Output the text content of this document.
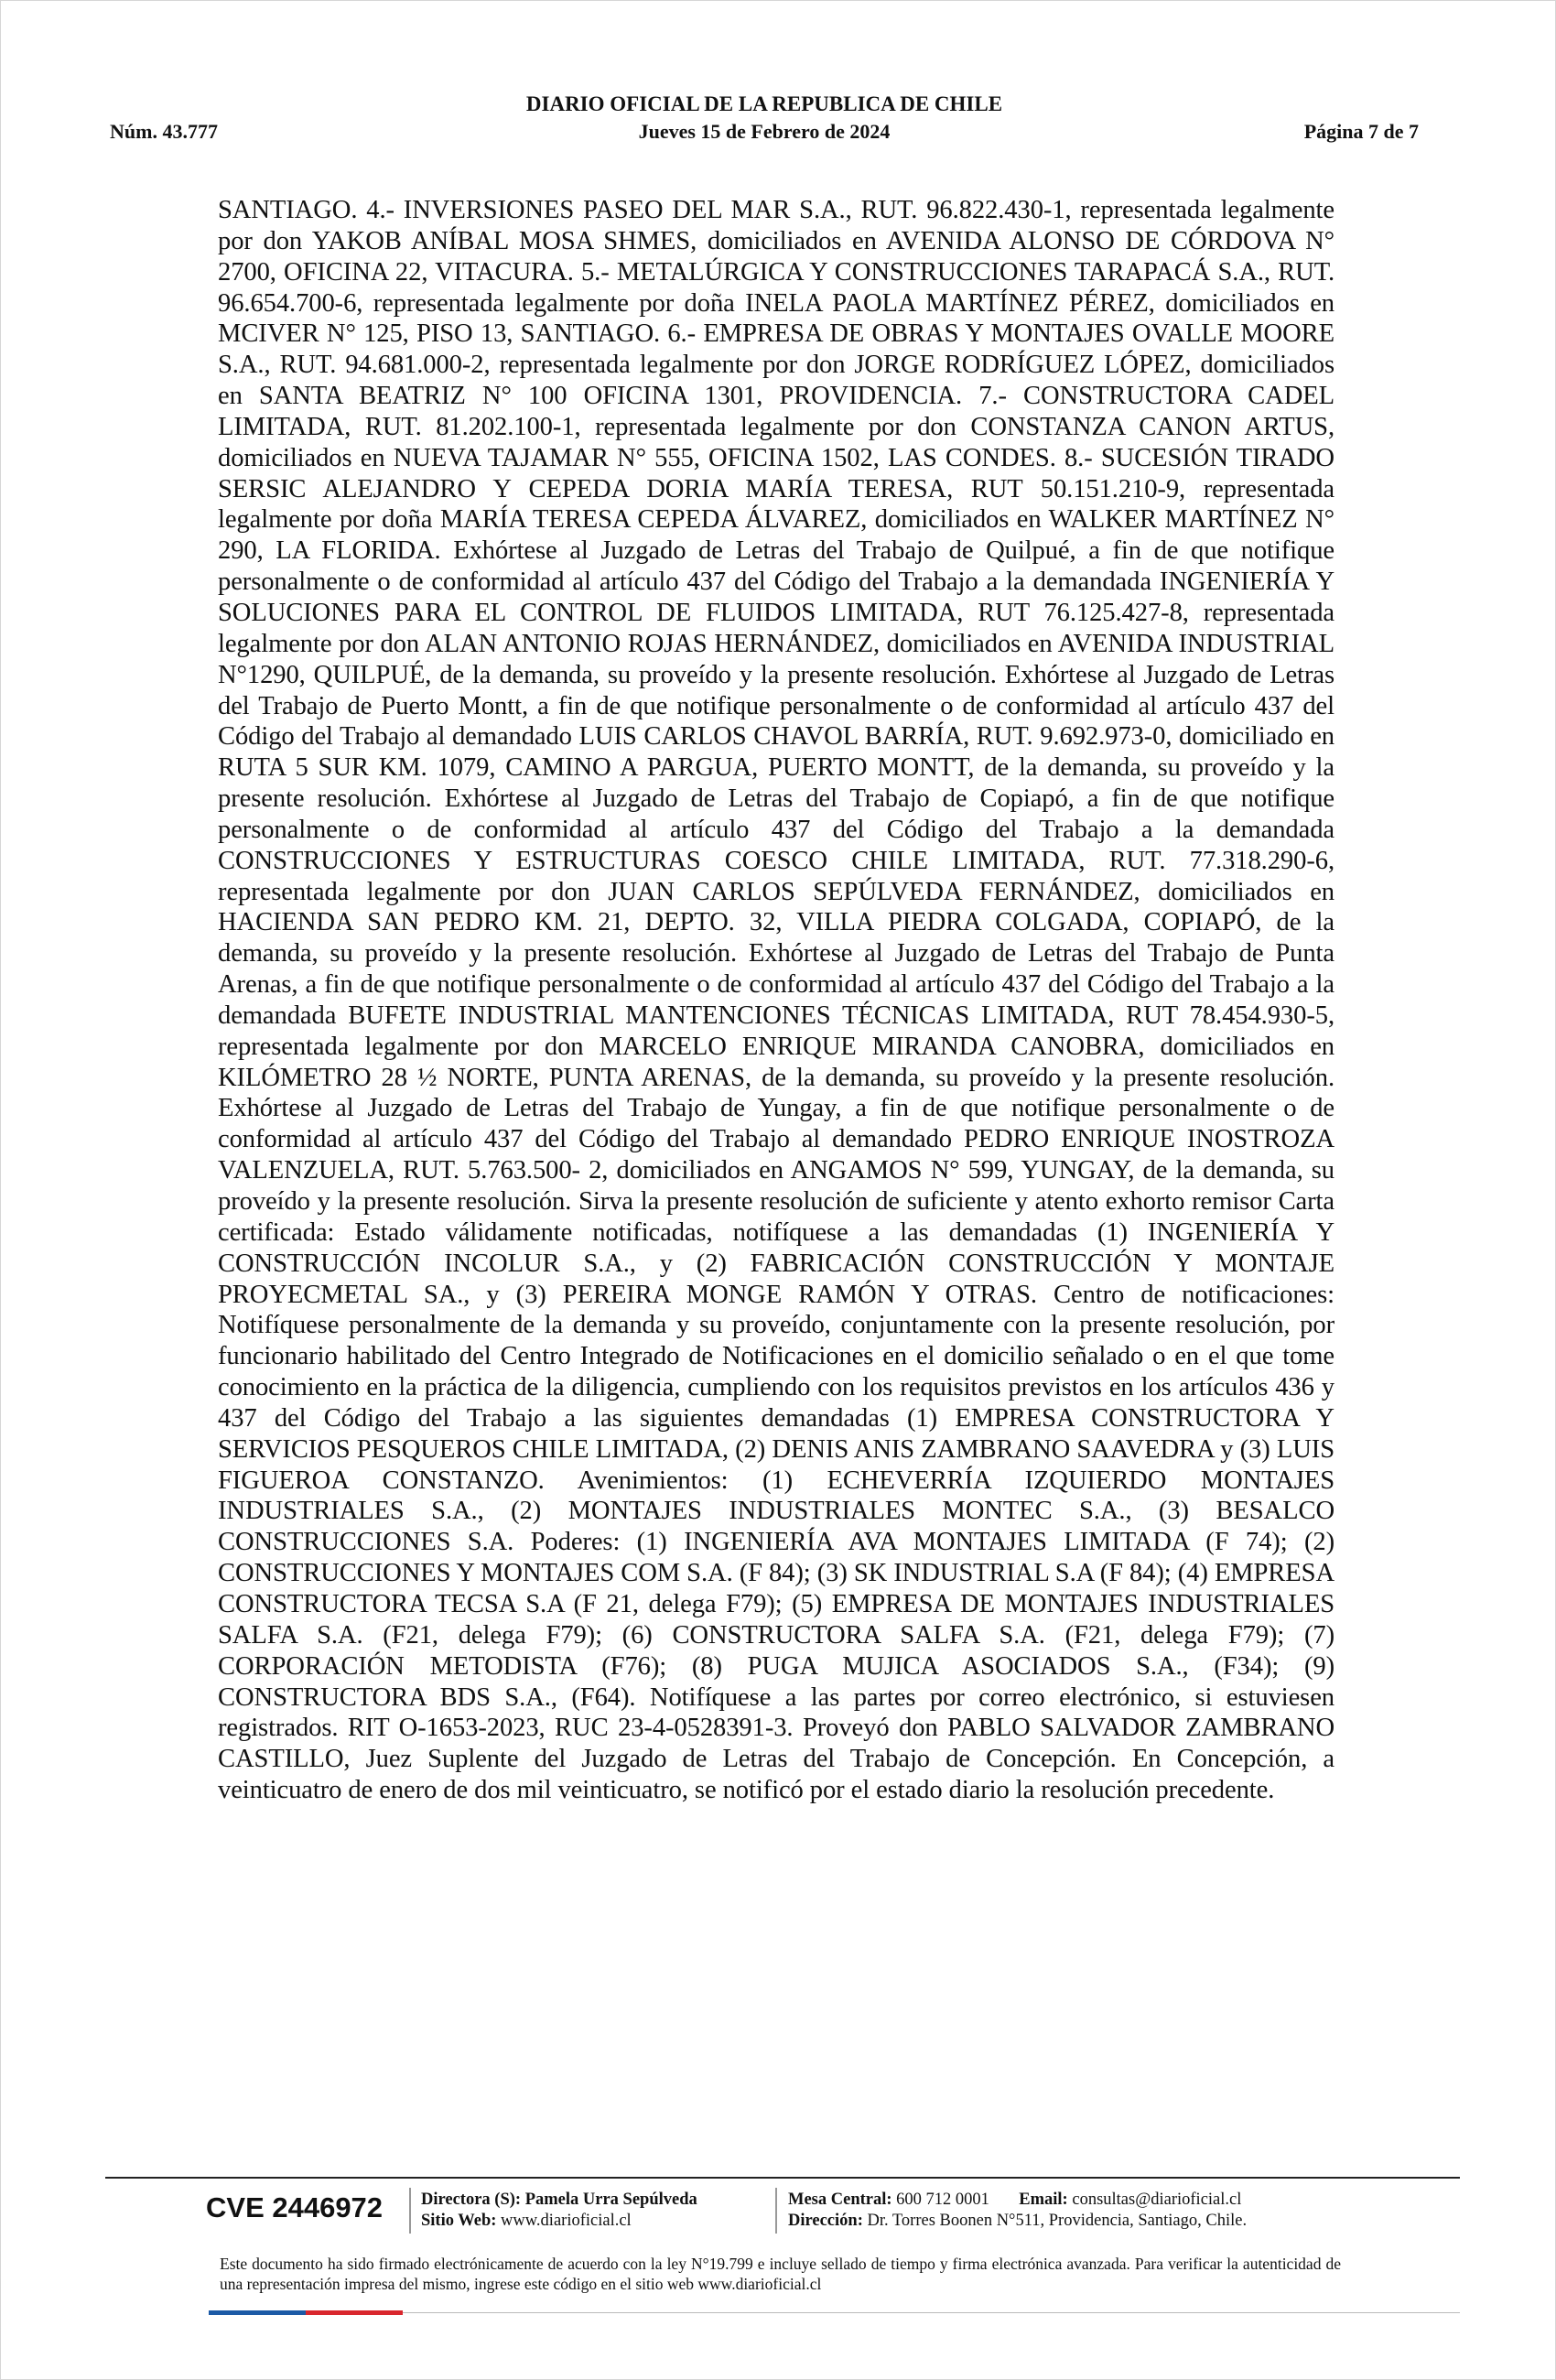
DIARIO OFICIAL DE LA REPUBLICA DE CHILE
Núm. 43.777	Jueves 15 de Febrero de 2024	Página 7 de 7

SANTIAGO. 4.- INVERSIONES PASEO DEL MAR S.A., RUT. 96.822.430-1, representada legalmente por don YAKOB ANÍBAL MOSA SHMES, domiciliados en AVENIDA ALONSO DE CÓRDOVA N° 2700, OFICINA 22, VITACURA. 5.- METALÚRGICA Y CONSTRUCCIONES TARAPACÁ S.A., RUT. 96.654.700-6, representada legalmente por doña INELA PAOLA MARTÍNEZ PÉREZ, domiciliados en MCIVER N° 125, PISO 13, SANTIAGO. 6.- EMPRESA DE OBRAS Y MONTAJES OVALLE MOORE S.A., RUT. 94.681.000-2, representada legalmente por don JORGE RODRÍGUEZ LÓPEZ, domiciliados en SANTA BEATRIZ N° 100 OFICINA 1301, PROVIDENCIA. 7.- CONSTRUCTORA CADEL LIMITADA, RUT. 81.202.100-1, representada legalmente por don CONSTANZA CANON ARTUS, domiciliados en NUEVA TAJAMAR N° 555, OFICINA 1502, LAS CONDES. 8.- SUCESIÓN TIRADO SERSIC ALEJANDRO Y CEPEDA DORIA MARÍA TERESA, RUT 50.151.210-9, representada legalmente por doña MARÍA TERESA CEPEDA ÁLVAREZ, domiciliados en WALKER MARTÍNEZ N° 290, LA FLORIDA. Exhórtese al Juzgado de Letras del Trabajo de Quilpué, a fin de que notifique personalmente o de conformidad al artículo 437 del Código del Trabajo a la demandada INGENIERÍA Y SOLUCIONES PARA EL CONTROL DE FLUIDOS LIMITADA, RUT 76.125.427-8, representada legalmente por don ALAN ANTONIO ROJAS HERNÁNDEZ, domiciliados en AVENIDA INDUSTRIAL N°1290, QUILPUÉ, de la demanda, su proveído y la presente resolución. Exhórtese al Juzgado de Letras del Trabajo de Puerto Montt, a fin de que notifique personalmente o de conformidad al artículo 437 del Código del Trabajo al demandado LUIS CARLOS CHAVOL BARRÍA, RUT. 9.692.973-0, domiciliado en RUTA 5 SUR KM. 1079, CAMINO A PARGUA, PUERTO MONTT, de la demanda, su proveído y la presente resolución. Exhórtese al Juzgado de Letras del Trabajo de Copiapó, a fin de que notifique personalmente o de conformidad al artículo 437 del Código del Trabajo a la demandada CONSTRUCCIONES Y ESTRUCTURAS COESCO CHILE LIMITADA, RUT. 77.318.290-6, representada legalmente por don JUAN CARLOS SEPÚLVEDA FERNÁNDEZ, domiciliados en HACIENDA SAN PEDRO KM. 21, DEPTO. 32, VILLA PIEDRA COLGADA, COPIAPÓ, de la demanda, su proveído y la presente resolución. Exhórtese al Juzgado de Letras del Trabajo de Punta Arenas, a fin de que notifique personalmente o de conformidad al artículo 437 del Código del Trabajo a la demandada BUFETE INDUSTRIAL MANTENCIONES TÉCNICAS LIMITADA, RUT 78.454.930-5, representada legalmente por don MARCELO ENRIQUE MIRANDA CANOBRA, domiciliados en KILÓMETRO 28 ½ NORTE, PUNTA ARENAS, de la demanda, su proveído y la presente resolución. Exhórtese al Juzgado de Letras del Trabajo de Yungay, a fin de que notifique personalmente o de conformidad al artículo 437 del Código del Trabajo al demandado PEDRO ENRIQUE INOSTROZA VALENZUELA, RUT. 5.763.500- 2, domiciliados en ANGAMOS N° 599, YUNGAY, de la demanda, su proveído y la presente resolución. Sirva la presente resolución de suficiente y atento exhorto remisor Carta certificada: Estado válidamente notificadas, notifíquese a las demandadas (1) INGENIERÍA Y CONSTRUCCIÓN INCOLUR S.A., y (2) FABRICACIÓN CONSTRUCCIÓN Y MONTAJE PROYECMETAL SA., y (3) PEREIRA MONGE RAMÓN Y OTRAS. Centro de notificaciones: Notifíquese personalmente de la demanda y su proveído, conjuntamente con la presente resolución, por funcionario habilitado del Centro Integrado de Notificaciones en el domicilio señalado o en el que tome conocimiento en la práctica de la diligencia, cumpliendo con los requisitos previstos en los artículos 436 y 437 del Código del Trabajo a las siguientes demandadas (1) EMPRESA CONSTRUCTORA Y SERVICIOS PESQUEROS CHILE LIMITADA, (2) DENIS ANIS ZAMBRANO SAAVEDRA y (3) LUIS FIGUEROA CONSTANZO. Avenimientos: (1) ECHEVERRÍA IZQUIERDO MONTAJES INDUSTRIALES S.A., (2) MONTAJES INDUSTRIALES MONTEC S.A., (3) BESALCO CONSTRUCCIONES S.A. Poderes: (1) INGENIERÍA AVA MONTAJES LIMITADA (F 74); (2) CONSTRUCCIONES Y MONTAJES COM S.A. (F 84); (3) SK INDUSTRIAL S.A (F 84); (4) EMPRESA CONSTRUCTORA TECSA S.A (F 21, delega F79); (5) EMPRESA DE MONTAJES INDUSTRIALES SALFA S.A. (F21, delega F79); (6) CONSTRUCTORA SALFA S.A. (F21, delega F79); (7) CORPORACIÓN METODISTA (F76); (8) PUGA MUJICA ASOCIADOS S.A., (F34); (9) CONSTRUCTORA BDS S.A., (F64). Notifíquese a las partes por correo electrónico, si estuviesen registrados. RIT O-1653-2023, RUC 23-4-0528391-3. Proveyó don PABLO SALVADOR ZAMBRANO CASTILLO, Juez Suplente del Juzgado de Letras del Trabajo de Concepción. En Concepción, a veinticuatro de enero de dos mil veinticuatro, se notificó por el estado diario la resolución precedente.

CVE 2446972	Directora (S): Pamela Urra Sepúlveda
Sitio Web: www.diarioficial.cl
Mesa Central: 600 712 0001 Email: consultas@diarioficial.cl
Dirección: Dr. Torres Boonen N°511, Providencia, Santiago, Chile.

Este documento ha sido firmado electrónicamente de acuerdo con la ley N°19.799 e incluye sellado de tiempo y firma electrónica avanzada. Para verificar la autenticidad de una representación impresa del mismo, ingrese este código en el sitio web www.diarioficial.cl
